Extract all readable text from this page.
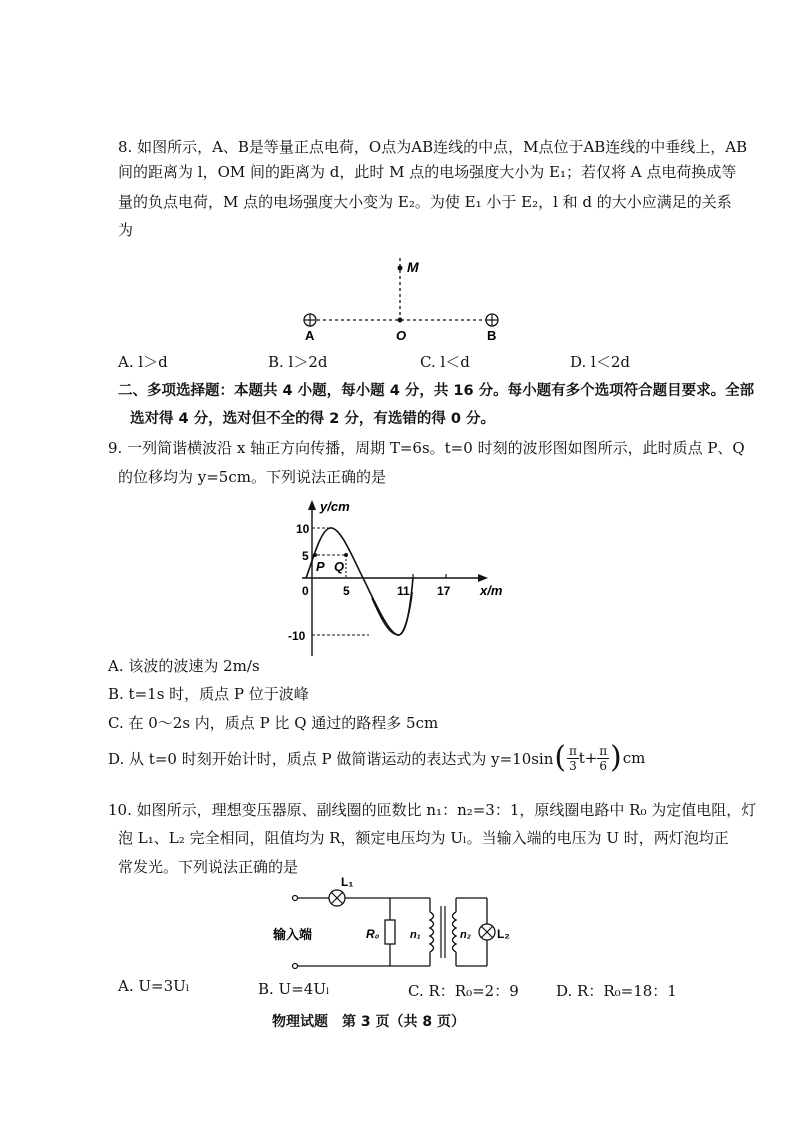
8. 如图所示，A、B是等量正点电荷，O点为AB连线的中点，M点位于AB连线的中垂线上，AB
间的距离为 l，OM 间的距离为 d，此时 M 点的电场强度大小为 E₁；若仅将 A 点电荷换成等
量的负点电荷，M 点的电场强度大小变为 E₂。为使 E₁ 小于 E₂，l 和 d 的大小应满足的关系
为
M
A	O	B
A. l＞d	B. l＞2d	C. l＜d	D. l＜2d
二、多项选择题：本题共 4 小题，每小题 4 分，共 16 分。每小题有多个选项符合题目要求。全部
选对得 4 分，选对但不全的得 2 分，有选错的得 0 分。
9. 一列简谐横波沿 x 轴正方向传播，周期 T=6s。t=0 时刻的波形图如图所示，此时质点 P、Q
的位移均为 y=5cm。下列说法正确的是
y/cm
x/m
P Q
10
5
-10
0	5	11 17
A. 该波的波速为 2m/s
B. t=1s 时，质点 P 位于波峰
C. 在 0～2s 内，质点 P 比 Q 通过的路程多 5cm
D. 从 t=0 时刻开始计时，质点 P 做简谐运动的表达式为 y=10sin ( $\frac{\pi}{3} t+ \frac{\pi}{6}$ ) cm
10. 如图所示，理想变压器原、副线圈的匝数比 n₁：n₂=3：1，原线圈电路中 R₀ 为定值电阻，灯
泡 L₁、L₂ 完全相同，阻值均为 R，额定电压均为 Uₗ。当输入端的电压为 U 时，两灯泡均正
常发光。下列说法正确的是
输入端
L₁
R₀	n₁	n₂ L₂
A. U=3Uₗ	B. U=4Uₗ	C. R：R₀=2：9 D. R：R₀=18：1
物理试题　第 3 页（共 8 页）
